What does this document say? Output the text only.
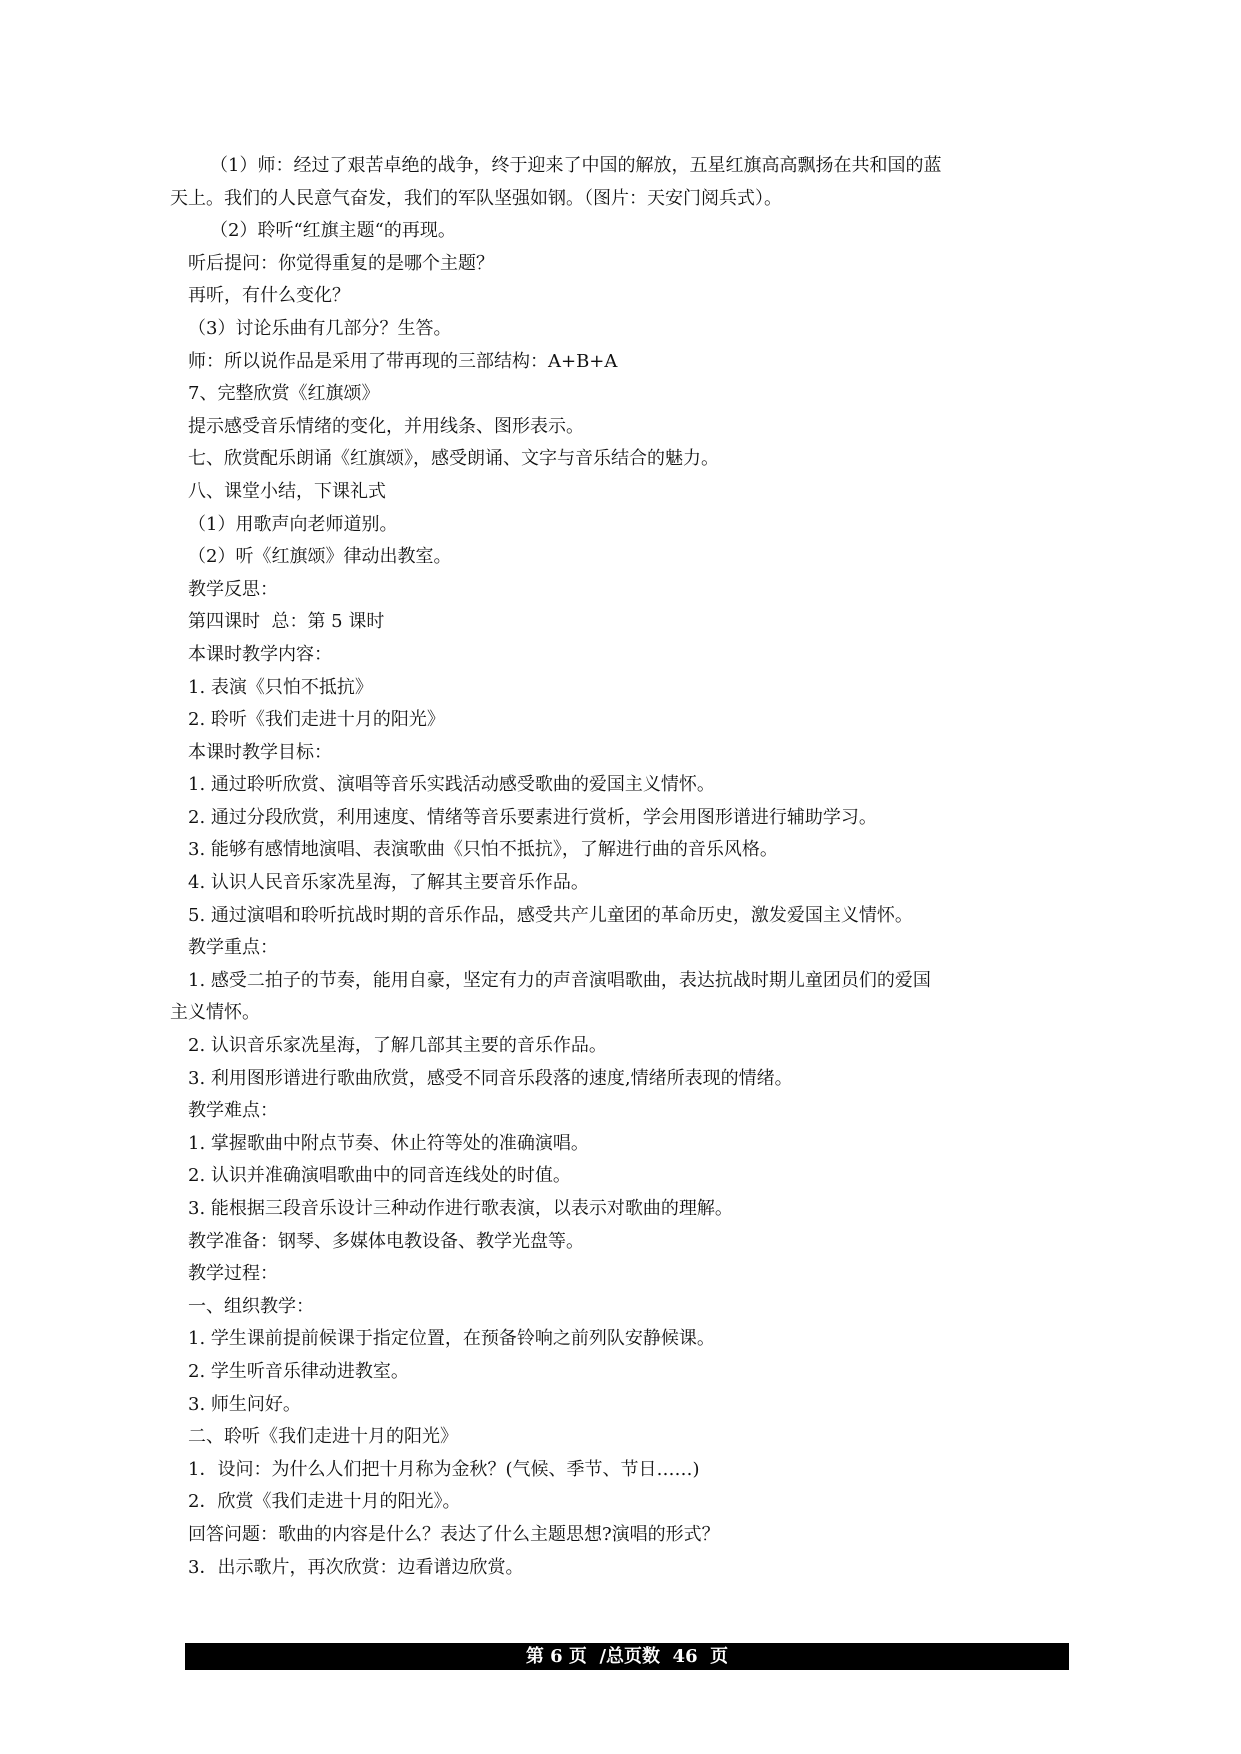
（1）师：经过了艰苦卓绝的战争，终于迎来了中国的解放，五星红旗高高飘扬在共和国的蓝
天上。我们的人民意气奋发，我们的军队坚强如钢。（图片：天安门阅兵式）。
（2）聆听“红旗主题“的再现。
听后提问：你觉得重复的是哪个主题？
再听，有什么变化？
（3）讨论乐曲有几部分？生答。
师：所以说作品是采用了带再现的三部结构：A+B+A
7、完整欣赏《红旗颂》
提示感受音乐情绪的变化，并用线条、图形表示。
七、欣赏配乐朗诵《红旗颂》，感受朗诵、文字与音乐结合的魅力。
八、课堂小结，下课礼式
（1）用歌声向老师道别。
（2）听《红旗颂》律动出教室。
教学反思：
第四课时  总：第 5 课时
本课时教学内容：
1. 表演《只怕不抵抗》
2. 聆听《我们走进十月的阳光》
本课时教学目标：
1. 通过聆听欣赏、演唱等音乐实践活动感受歌曲的爱国主义情怀。
2. 通过分段欣赏，利用速度、情绪等音乐要素进行赏析，学会用图形谱进行辅助学习。
3. 能够有感情地演唱、表演歌曲《只怕不抵抗》，了解进行曲的音乐风格。
4. 认识人民音乐家冼星海，了解其主要音乐作品。
5. 通过演唱和聆听抗战时期的音乐作品，感受共产儿童团的革命历史，激发爱国主义情怀。
教学重点：
1. 感受二拍子的节奏，能用自豪，坚定有力的声音演唱歌曲，表达抗战时期儿童团员们的爱国
主义情怀。
2. 认识音乐家冼星海，了解几部其主要的音乐作品。
3. 利用图形谱进行歌曲欣赏，感受不同音乐段落的速度,情绪所表现的情绪。
教学难点：
1. 掌握歌曲中附点节奏、休止符等处的准确演唱。
2. 认识并准确演唱歌曲中的同音连线处的时值。
3. 能根据三段音乐设计三种动作进行歌表演，以表示对歌曲的理解。
教学准备：钢琴、多媒体电教设备、教学光盘等。
教学过程：
一、组织教学：
1. 学生课前提前候课于指定位置，在预备铃响之前列队安静候课。
2. 学生听音乐律动进教室。
3. 师生问好。
二、聆听《我们走进十月的阳光》
1．设问：为什么人们把十月称为金秋？(气候、季节、节日……)
2．欣赏《我们走进十月的阳光》。
回答问题：歌曲的内容是什么？表达了什么主题思想?演唱的形式？
3．出示歌片，再次欣赏：边看谱边欣赏。
第 6 页  /总页数  46  页
